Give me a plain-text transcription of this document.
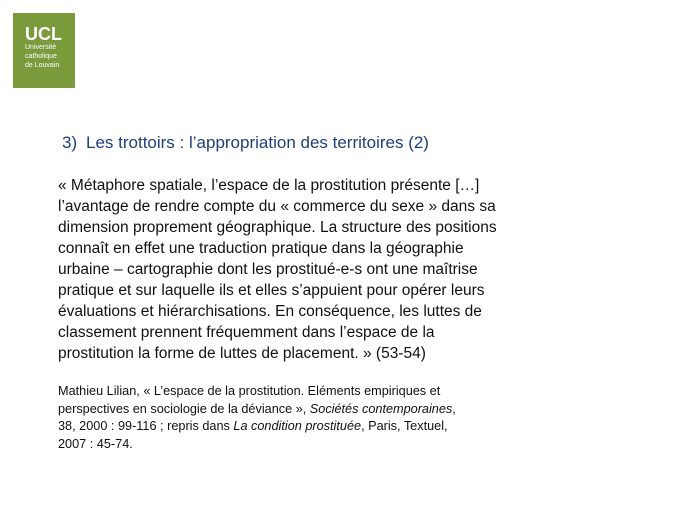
UCL
Université
catholique
de Louvain
3) Les trottoirs : l’appropriation des territoires (2)
« Métaphore spatiale, l’espace de la prostitution présente […]
l’avantage de rendre compte du « commerce du sexe » dans sa
dimension proprement géographique. La structure des positions
connaît en effet une traduction pratique dans la géographie
urbaine – cartographie dont les prostitué-e-s ont une maîtrise
pratique et sur laquelle ils et elles s’appuient pour opérer leurs
évaluations et hiérarchisations. En conséquence, les luttes de
classement prennent fréquemment dans l’espace de la
prostitution la forme de luttes de placement. » (53-54)
Mathieu Lilian, « L’espace de la prostitution. Eléments empiriques et
perspectives en sociologie de la déviance », Sociétés contemporaines,
38, 2000 : 99-116 ; repris dans La condition prostituée, Paris, Textuel,
2007 : 45-74.
